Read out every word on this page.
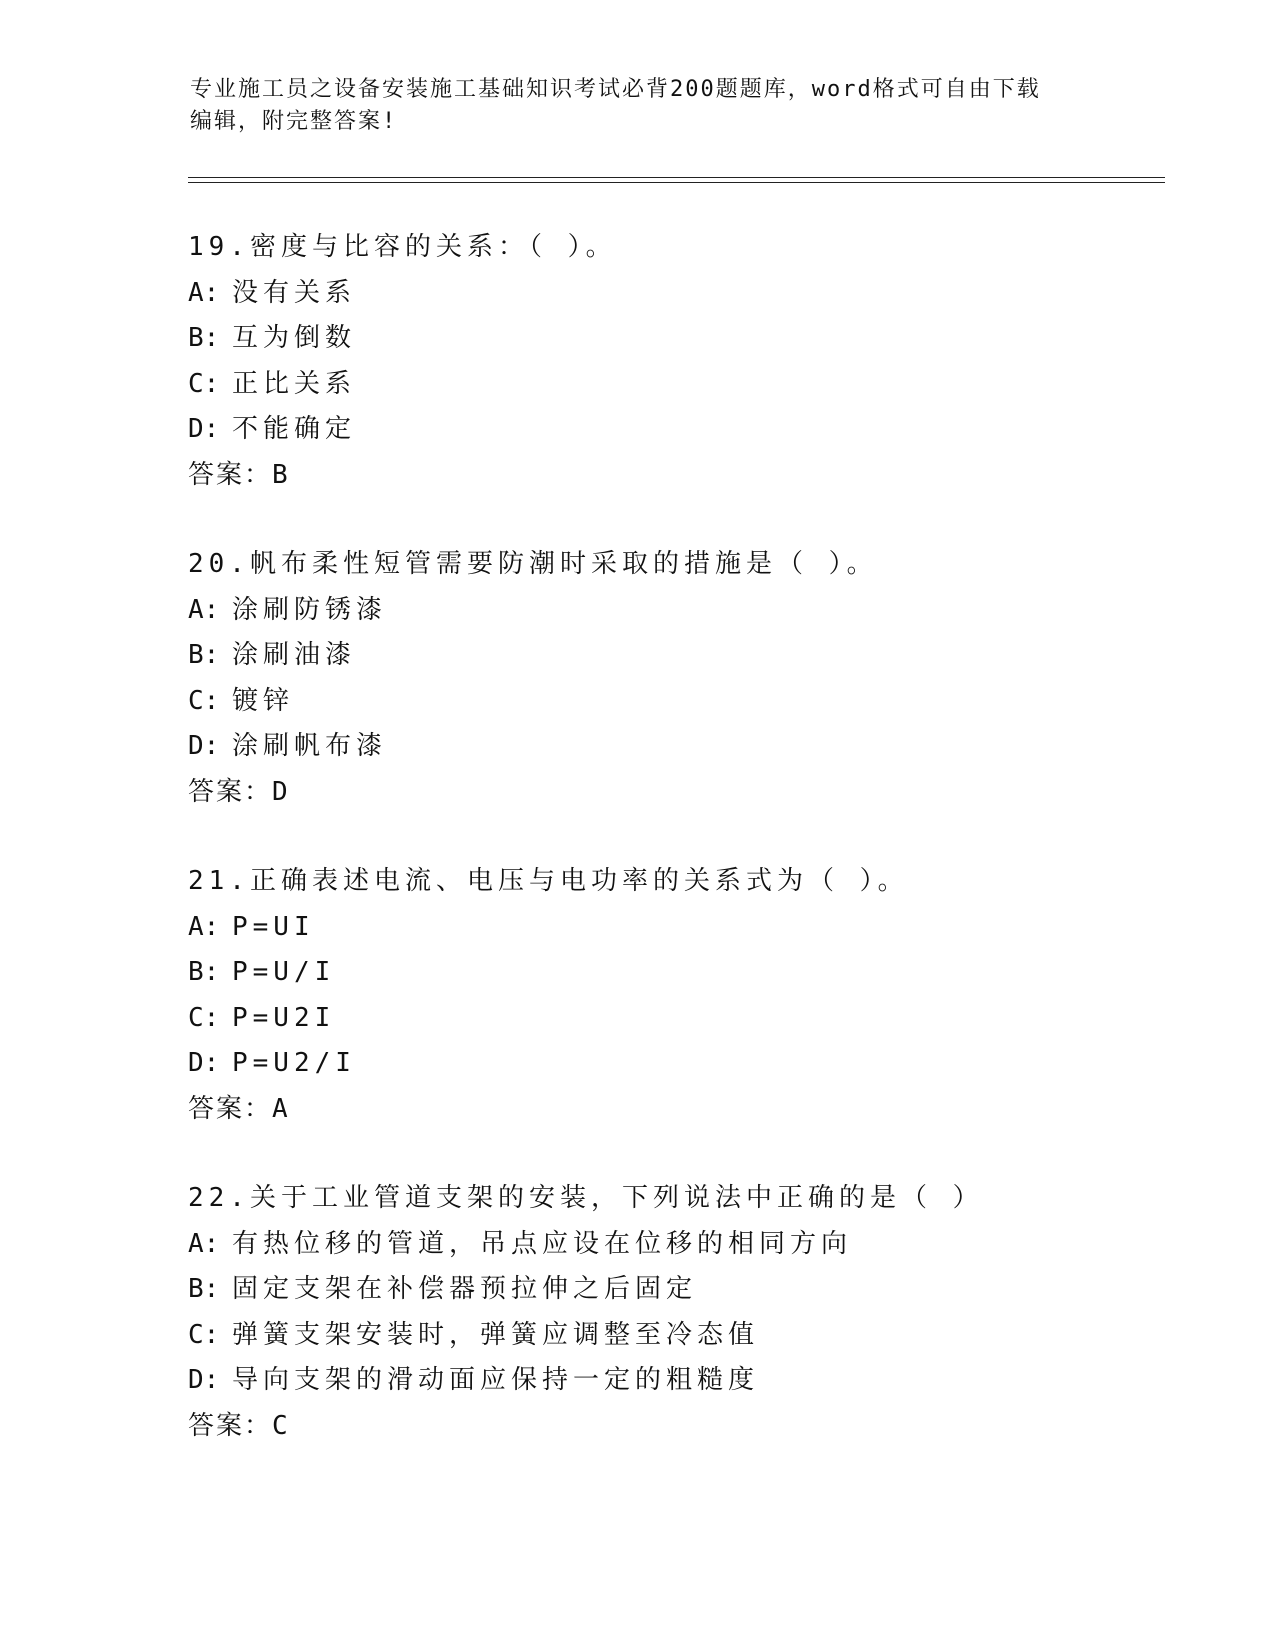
专业施工员之设备安装施工基础知识考试必背200题题库，word格式可自由下载
编辑，附完整答案!
19.密度与比容的关系：（ ）。
A: 没有关系
B: 互为倒数
C: 正比关系
D: 不能确定
答案：B
20.帆布柔性短管需要防潮时采取的措施是（ ）。
A: 涂刷防锈漆
B: 涂刷油漆
C: 镀锌
D: 涂刷帆布漆
答案：D
21.正确表述电流、电压与电功率的关系式为（ ）。
A: P=UI
B: P=U/I
C: P=U2I
D: P=U2/I
答案：A
22.关于工业管道支架的安装，下列说法中正确的是（ ）
A: 有热位移的管道，吊点应设在位移的相同方向
B: 固定支架在补偿器预拉伸之后固定
C: 弹簧支架安装时，弹簧应调整至冷态值
D: 导向支架的滑动面应保持一定的粗糙度
答案：C
